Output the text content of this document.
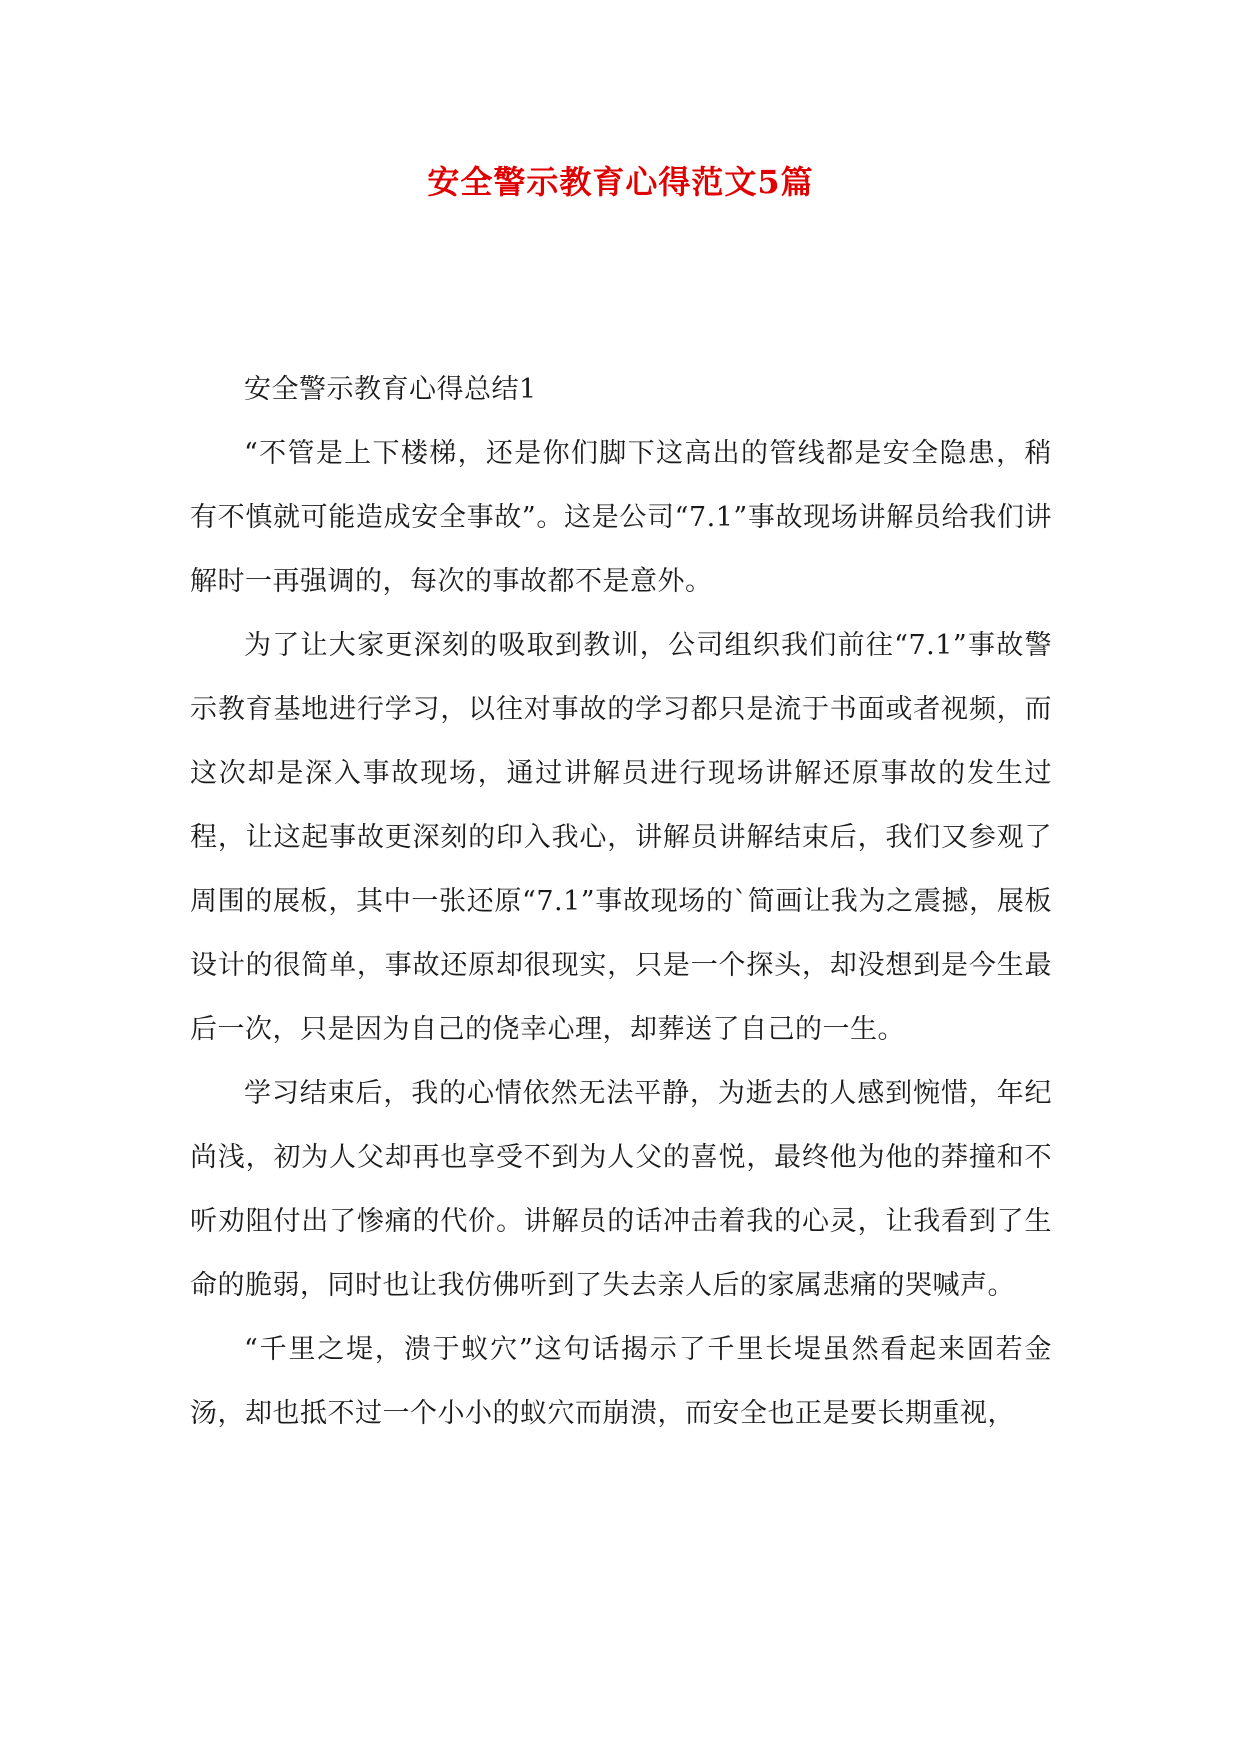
安全警示教育心得范文5篇

安全警示教育心得总结1

“不管是上下楼梯，还是你们脚下这高出的管线都是安全隐患，稍有不慎就可能造成安全事故”。这是公司“7.1”事故现场讲解员给我们讲解时一再强调的，每次的事故都不是意外。

为了让大家更深刻的吸取到教训，公司组织我们前往“7.1”事故警示教育基地进行学习，以往对事故的学习都只是流于书面或者视频，而这次却是深入事故现场，通过讲解员进行现场讲解还原事故的发生过程，让这起事故更深刻的印入我心，讲解员讲解结束后，我们又参观了周围的展板，其中一张还原“7.1”事故现场的`简画让我为之震撼，展板设计的很简单，事故还原却很现实，只是一个探头，却没想到是今生最后一次，只是因为自己的侥幸心理，却葬送了自己的一生。

学习结束后，我的心情依然无法平静，为逝去的人感到惋惜，年纪尚浅，初为人父却再也享受不到为人父的喜悦，最终他为他的莽撞和不听劝阻付出了惨痛的代价。讲解员的话冲击着我的心灵，让我看到了生命的脆弱，同时也让我仿佛听到了失去亲人后的家属悲痛的哭喊声。

“千里之堤，溃于蚁穴”这句话揭示了千里长堤虽然看起来固若金汤，却也抵不过一个小小的蚁穴而崩溃，而安全也正是要长期重视，
